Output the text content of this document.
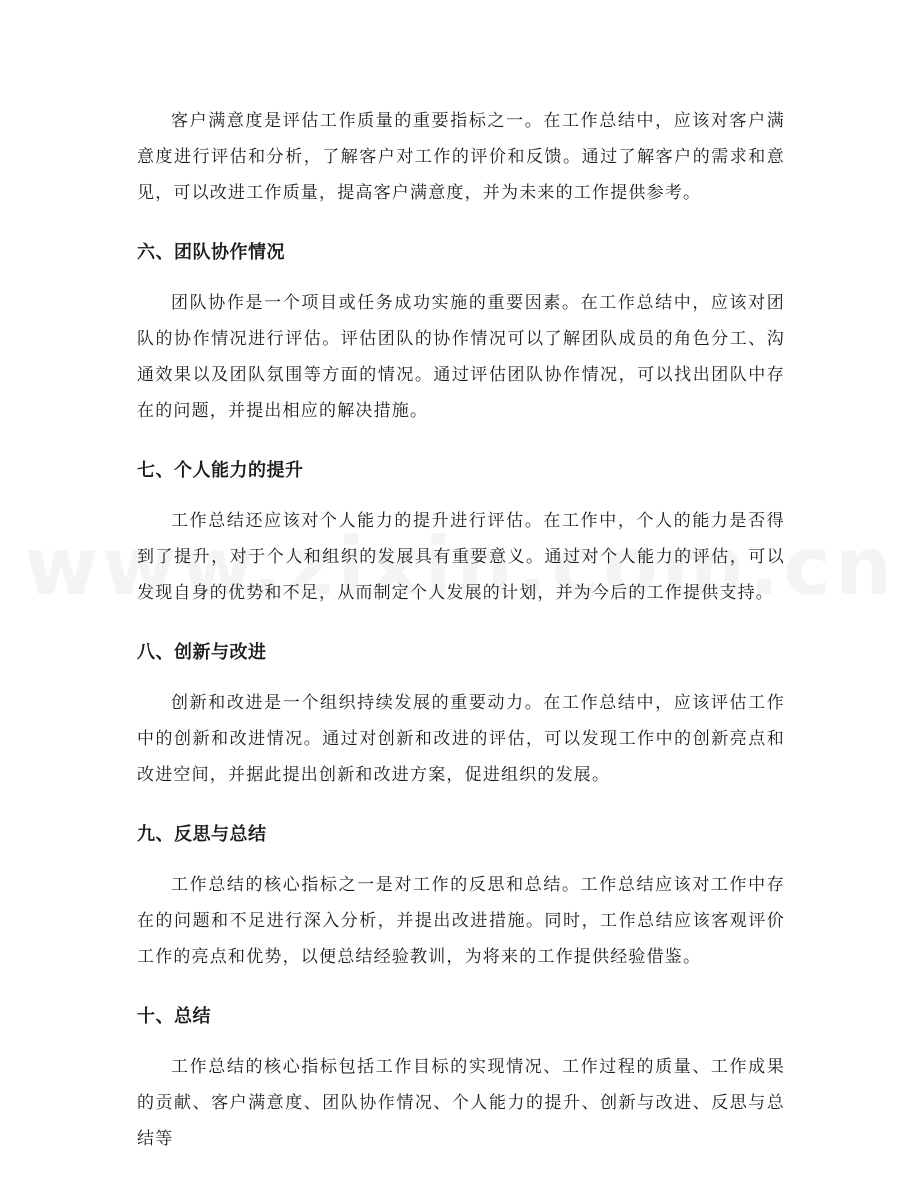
客户满意度是评估工作质量的重要指标之一。在工作总结中，应该对客户满意度进行评估和分析，了解客户对工作的评价和反馈。通过了解客户的需求和意见，可以改进工作质量，提高客户满意度，并为未来的工作提供参考。

六、团队协作情况

团队协作是一个项目或任务成功实施的重要因素。在工作总结中，应该对团队的协作情况进行评估。评估团队的协作情况可以了解团队成员的角色分工、沟通效果以及团队氛围等方面的情况。通过评估团队协作情况，可以找出团队中存在的问题，并提出相应的解决措施。

七、个人能力的提升

工作总结还应该对个人能力的提升进行评估。在工作中，个人的能力是否得到了提升，对于个人和组织的发展具有重要意义。通过对个人能力的评估，可以发现自身的优势和不足，从而制定个人发展的计划，并为今后的工作提供支持。

八、创新与改进

创新和改进是一个组织持续发展的重要动力。在工作总结中，应该评估工作中的创新和改进情况。通过对创新和改进的评估，可以发现工作中的创新亮点和改进空间，并据此提出创新和改进方案，促进组织的发展。

九、反思与总结

工作总结的核心指标之一是对工作的反思和总结。工作总结应该对工作中存在的问题和不足进行深入分析，并提出改进措施。同时，工作总结应该客观评价工作的亮点和优势，以便总结经验教训，为将来的工作提供经验借鉴。

十、总结

工作总结的核心指标包括工作目标的实现情况、工作过程的质量、工作成果的贡献、客户满意度、团队协作情况、个人能力的提升、创新与改进、反思与总结等
